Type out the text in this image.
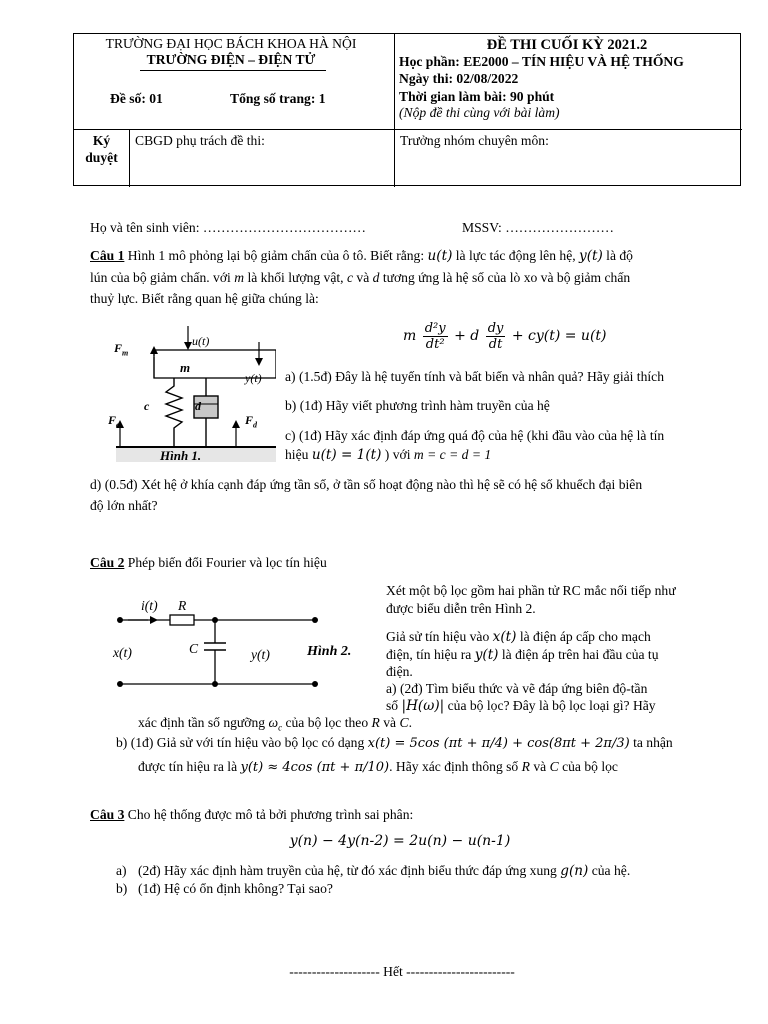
TRƯỜNG ĐẠI HỌC BÁCH KHOA HÀ NỘI
TRƯỜNG ĐIỆN – ĐIỆN TỬ
Đề số: 01	Tổng số trang: 1
ĐỀ THI CUỐI KỲ 2021.2
Học phần: EE2000 – TÍN HIỆU VÀ HỆ THỐNG
Ngày thi: 02/08/2022
Thời gian làm bài: 90 phút
(Nộp đề thi cùng với bài làm)
Ký
duyệt
CBGD phụ trách đề thi:	Trưởng nhóm chuyên môn:
Họ và tên sinh viên: ………………………………	MSSV: ……………………
Câu 1 Hình 1 mô phỏng lại bộ giảm chấn của ô tô. Biết rằng: u(t) là lực tác động lên hệ, y(t) là độ
lún của bộ giảm chấn. với m là khối lượng vật, c và d tương ứng là hệ số của lò xo và bộ giảm chấn
thuỷ lực. Biết rằng quan hệ giữa chúng là:
m $\frac{\text{d²y}}{\text{dt²}} + d \frac{dy}{dt} + cy(t) = u(t)$
$F_m$
u(t)
y(t)
m
c	d
$F_c$	$F_d$
Hình 1.
a) (1.5đ) Đây là hệ tuyến tính và bất biến và nhân quả? Hãy giải thích
b) (1đ) Hãy viết phương trình hàm truyền của hệ
c) (1đ) Hãy xác định đáp ứng quá độ của hệ (khi đầu vào của hệ là tín
hiệu u(t) = 1(t) ) với m = c = d = 1
d) (0.5đ) Xét hệ ở khía cạnh đáp ứng tần số, ở tần số hoạt động nào thì hệ sẽ có hệ số khuếch đại biên
độ lớn nhất?
Câu 2 Phép biến đổi Fourier và lọc tín hiệu
i(t) R
x(t)	C	y(t)	Hình 2.
Xét một bộ lọc gồm hai phần tử RC mắc nối tiếp như
được biểu diễn trên Hình 2.
Giả sử tín hiệu vào x(t) là điện áp cấp cho mạch
điện, tín hiệu ra y(t) là điện áp trên hai đầu của tụ
điện.
a) (2đ) Tìm biểu thức và vẽ đáp ứng biên độ-tần
số |H(ω)| của bộ lọc? Đây là bộ lọc loại gì? Hãy
xác định tần số ngưỡng $\omega_c$ của bộ lọc theo R và C.
b) (1đ) Giả sử với tín hiệu vào bộ lọc có dạng x(t) = 5cos (πt + π/4) + cos(8πt + 2π/3) ta nhận
được tín hiệu ra là y(t) ≈ 4cos (πt + π/10). Hãy xác định thông số R và C của bộ lọc
Câu 3 Cho hệ thống được mô tả bởi phương trình sai phân:
y(n) − 4y(n-2) = 2u(n) − u(n-1)
a) (2đ) Hãy xác định hàm truyền của hệ, từ đó xác định biểu thức đáp ứng xung g(n) của hệ.
b) (1đ) Hệ có ổn định không? Tại sao?
-------------------- Hết ------------------------
